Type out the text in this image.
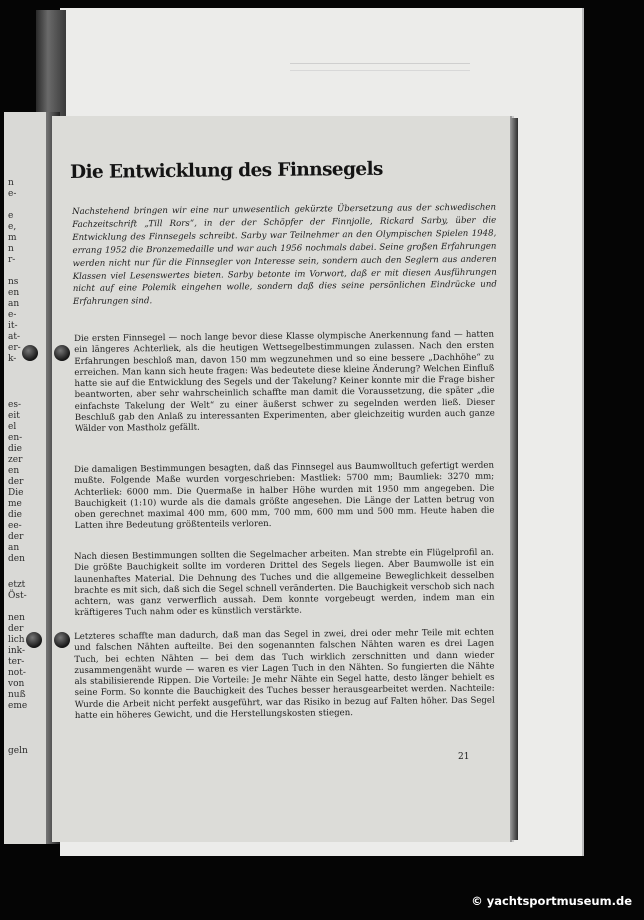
n
e-

e
e,
m
n
r-

ns
en
an
e-
it-
at-
er-
k-
es-
eit
el
en-
die
zer
en
der
Die
me
die
ee-
der
an
den
etzt
Öst-

nen
der
lich
ink-
ter-
not-
von
nuß
eme
geln
Die Entwicklung des Finnsegels

Nachstehend bringen wir eine nur unwesentlich gekürzte Übersetzung aus der schwedischen Fachzeitschrift „Till Rors“, in der der Schöpfer der Finnjolle, Rickard Sarby, über die Entwicklung des Finnsegels schreibt. Sarby war Teilnehmer an den Olympischen Spielen 1948, errang 1952 die Bronzemedaille und war auch 1956 nochmals dabei. Seine großen Erfahrungen werden nicht nur für die Finnsegler von Interesse sein, sondern auch den Seglern aus anderen Klassen viel Lesenswertes bieten. Sarby betonte im Vorwort, daß er mit diesen Ausführungen nicht auf eine Polemik eingehen wolle, sondern daß dies seine persönlichen Eindrücke und Erfahrungen sind.

Die ersten Finnsegel — noch lange bevor diese Klasse olympische Anerkennung fand — hatten ein längeres Achterliek, als die heutigen Wettsegelbestimmungen zulassen. Nach den ersten Erfahrungen beschloß man, davon 150 mm wegzunehmen und so eine bessere „Dachhöhe“ zu erreichen. Man kann sich heute fragen: Was bedeutete diese kleine Änderung? Welchen Einfluß hatte sie auf die Entwicklung des Segels und der Takelung? Keiner konnte mir die Frage bisher beantworten, aber sehr wahrscheinlich schaffte man damit die Voraussetzung, die später „die einfachste Takelung der Welt“ zu einer äußerst schwer zu segelnden werden ließ. Dieser Beschluß gab den Anlaß zu interessanten Experimenten, aber gleichzeitig wurden auch ganze Wälder von Mastholz gefällt.

Die damaligen Bestimmungen besagten, daß das Finnsegel aus Baumwolltuch gefertigt werden mußte. Folgende Maße wurden vorgeschrieben: Mastliek: 5700 mm; Baumliek: 3270 mm; Achterliek: 6000 mm. Die Quermaße in halber Höhe wurden mit 1950 mm angegeben. Die Bauchigkeit (1:10) wurde als die damals größte angesehen. Die Länge der Latten betrug von oben gerechnet maximal 400 mm, 600 mm, 700 mm, 600 mm und 500 mm. Heute haben die Latten ihre Bedeutung größtenteils verloren.

Nach diesen Bestimmungen sollten die Segelmacher arbeiten. Man strebte ein Flügelprofil an. Die größte Bauchigkeit sollte im vorderen Drittel des Segels liegen. Aber Baumwolle ist ein launenhaftes Material. Die Dehnung des Tuches und die allgemeine Beweglichkeit desselben brachte es mit sich, daß sich die Segel schnell veränderten. Die Bauchigkeit verschob sich nach achtern, was ganz verwerflich aussah. Dem konnte vorgebeugt werden, indem man ein kräftigeres Tuch nahm oder es künstlich verstärkte.

Letzteres schaffte man dadurch, daß man das Segel in zwei, drei oder mehr Teile mit echten und falschen Nähten aufteilte. Bei den sogenannten falschen Nähten waren es drei Lagen Tuch, bei echten Nähten — bei dem das Tuch wirklich zerschnitten und dann wieder zusammengenäht wurde — waren es vier Lagen Tuch in den Nähten. So fungierten die Nähte als stabilisierende Rippen. Die Vorteile: Je mehr Nähte ein Segel hatte, desto länger behielt es seine Form. So konnte die Bauchigkeit des Tuches besser herausgearbeitet werden. Nachteile: Wurde die Arbeit nicht perfekt ausgeführt, war das Risiko in bezug auf Falten höher. Das Segel hatte ein höheres Gewicht, und die Herstellungskosten stiegen.

21
© yachtsportmuseum.de
